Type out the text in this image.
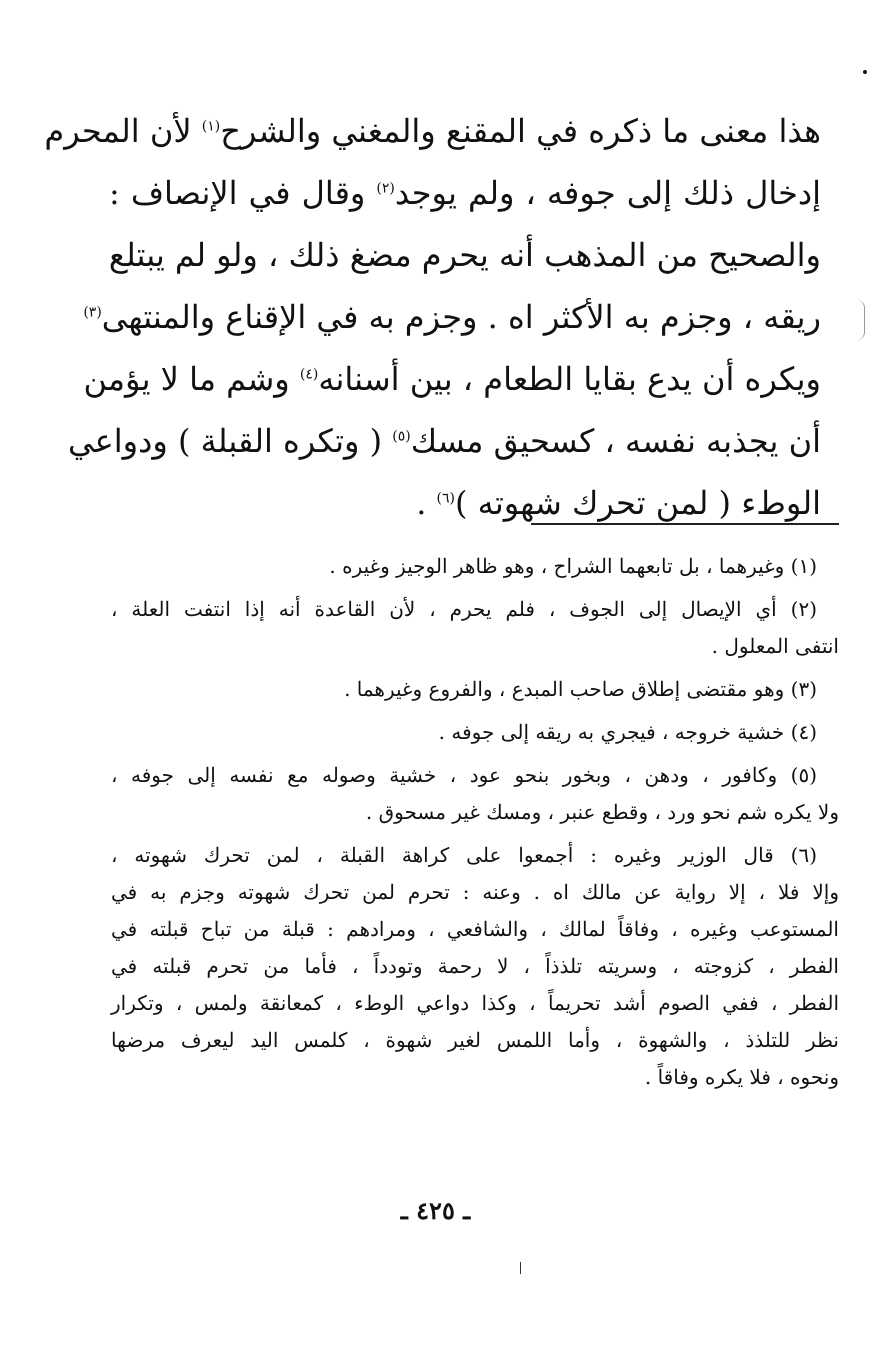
هذا معنى ما ذكره في المقنع والمغني والشرح$^{(١)}$ لأن المحرم
إدخال ذلك إلى جوفه ، ولم يوجد$^{(٢)}$ وقال في الإنصاف :
والصحيح من المذهب أنه يحرم مضغ ذلك ، ولو لم يبتلع
ريقه ، وجزم به الأكثر اه . وجزم به في الإقناع والمنتهى$^{(٣)}$
ويكره أن يدع بقايا الطعام ، بين أسنانه$^{(٤)}$ وشم ما لا يؤمن
أن يجذبه نفسه ، كسحيق مسك$^{(٥)}$ ( وتكره القبلة ) ودواعي
الوطء ( لمن تحرك شهوته )$^{(٦)}$ .
(١) وغيرهما ، بل تابعهما الشراح ، وهو ظاهر الوجيز وغيره .
(٢) أي الإيصال إلى الجوف ، فلم يحرم ، لأن القاعدة أنه إذا انتفت العلة ،
انتفى المعلول .
(٣) وهو مقتضى إطلاق صاحب المبدع ، والفروع وغيرهما .
(٤) خشية خروجه ، فيجري به ريقه إلى جوفه .
(٥) وكافور ، ودهن ، وبخور بنحو عود ، خشية وصوله مع نفسه إلى جوفه ،
ولا يكره شم نحو ورد ، وقطع عنبر ، ومسك غير مسحوق .
(٦) قال الوزير وغيره : أجمعوا على كراهة القبلة ، لمن تحرك شهوته ،
وإلا فلا ، إلا رواية عن مالك اه . وعنه : تحرم لمن تحرك شهوته وجزم به في
المستوعب وغيره ، وفاقاً لمالك ، والشافعي ، ومرادهم : قبلة من تباح قبلته في
الفطر ، كزوجته ، وسريته تلذذاً ، لا رحمة وتودداً ، فأما من تحرم قبلته في
الفطر ، ففي الصوم أشد تحريماً ، وكذا دواعي الوطء ، كمعانقة ولمس ، وتكرار
نظر للتلذذ ، والشهوة ، وأما اللمس لغير شهوة ، كلمس اليد ليعرف مرضها
ونحوه ، فلا يكره وفاقاً .
ـ ٤٢٥ ـ
